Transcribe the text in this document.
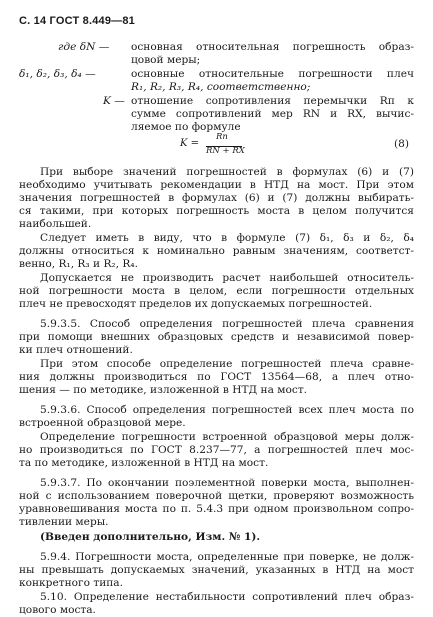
С. 14 ГОСТ 8.449—81
где δN — основная относительная погрешность образ-
цовой меры;
δ₁, δ₂, δ₃, δ₄ —	основные относительные погрешности плеч
R₁, R₂, R₃, R₄, соответственно;
K — отношение сопротивления перемычки Rп к
сумме сопротивлений мер RN и RX, вычис-
ляемое по формуле
K =
Rп
RN + RX
(8)
При выборе значений погрешностей в формулах (6) и (7)
необходимо учитывать рекомендации в НТД на мост. При этом
значения погрешностей в формулах (6) и (7) должны выбирать-
ся такими, при которых погрешность моста в целом получится
наибольшей.
Следует иметь в виду, что в формуле (7) δ₁, δ₃ и δ₂, δ₄
должны относиться к номинально равным значениям, соответст-
венно, R₁, R₃ и R₂, R₄.
Допускается не производить расчет наибольшей относитель-
ной погрешности моста в целом, если погрешности отдельных
плеч не превосходят пределов их допускаемых погрешностей.
5.9.3.5. Способ определения погрешностей плеча сравнения
при помощи внешних образцовых средств и независимой повер-
ки плеч отношений.
При этом способе определение погрешностей плеча сравне-
ния должны производиться по ГОСТ 13564—68, а плеч отно-
шения — по методике, изложенной в НТД на мост.
5.9.3.6. Способ определения погрешностей всех плеч моста по
встроенной образцовой мере.
Определение погрешности встроенной образцовой меры долж-
но производиться по ГОСТ 8.237—77, а погрешностей плеч мос-
та по методике, изложенной в НТД на мост.
5.9.3.7. По окончании поэлементной поверки моста, выполнен-
ной с использованием поверочной щетки, проверяют возможность
уравновешивания моста по п. 5.4.3 при одном произвольном сопро-
тивлении меры.
(Введен дополнительно, Изм. № 1).
5.9.4. Погрешности моста, определенные при поверке, не долж-
ны превышать допускаемых значений, указанных в НТД на мост
конкретного типа.
5.10. Определение нестабильности сопротивлений плеч образ-
цового моста.
